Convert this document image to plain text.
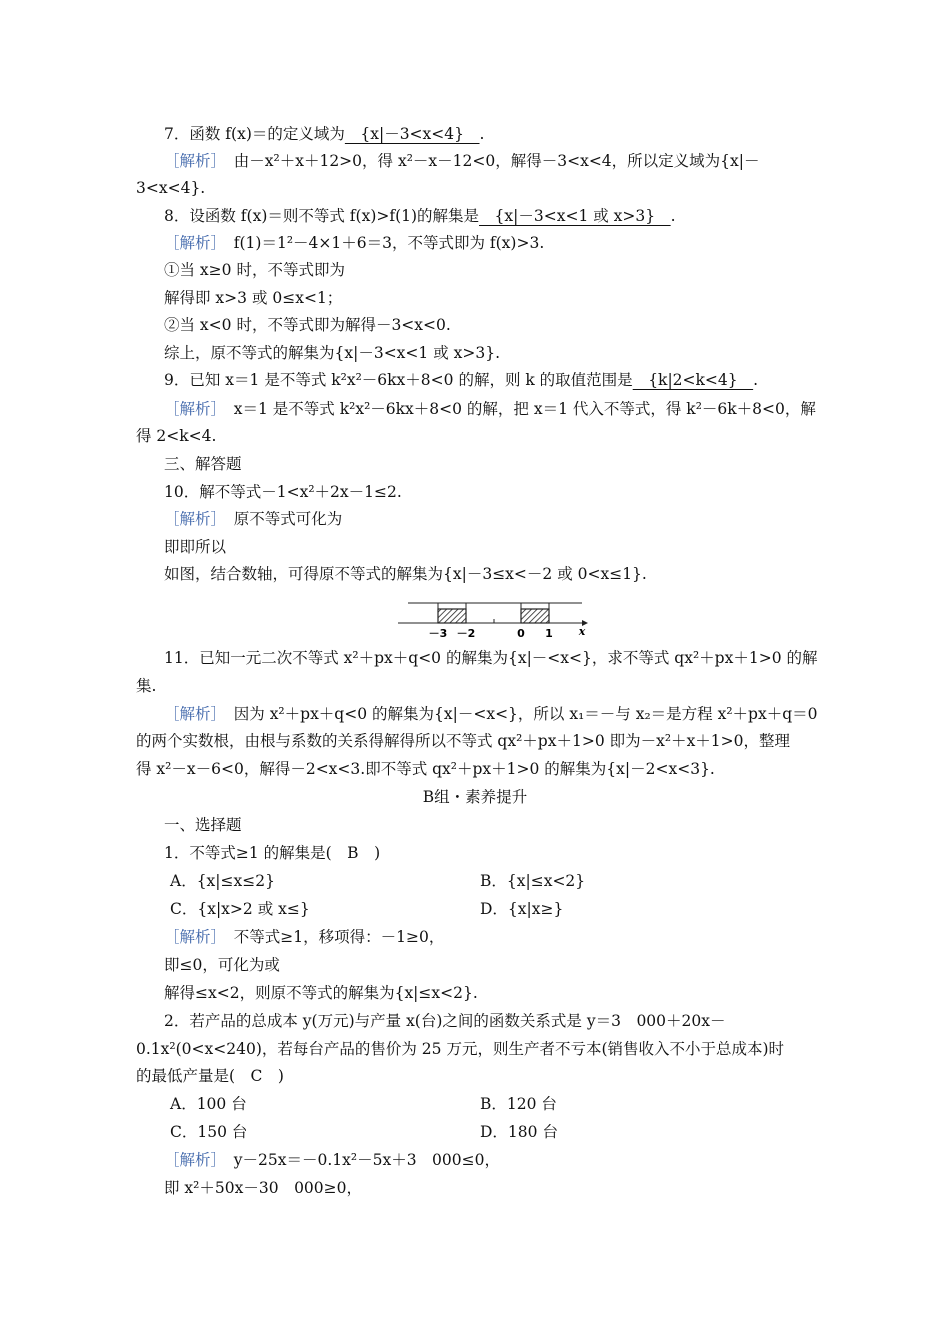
7．函数 f(x)＝的定义域为　{x|－3<x<4}　.
［解析］　由－x²＋x＋12>0，得 x²－x－12<0，解得－3<x<4，所以定义域为{x|－
3<x<4}.
8．设函数 f(x)＝则不等式 f(x)>f(1)的解集是　{x|－3<x<1 或 x>3}　.
［解析］　f(1)＝1²－4×1＋6＝3，不等式即为 f(x)>3.
①当 x≥0 时，不等式即为
解得即 x>3 或 0≤x<1；
②当 x<0 时，不等式即为解得－3<x<0.
综上，原不等式的解集为{x|－3<x<1 或 x>3}.
9．已知 x＝1 是不等式 k²x²－6kx＋8<0 的解，则 k 的取值范围是　{k|2<k<4}　.
［解析］　x＝1 是不等式 k²x²－6kx＋8<0 的解，把 x＝1 代入不等式，得 k²－6k＋8<0，解
得 2<k<4.
三、解答题
10．解不等式－1<x²＋2x－1≤2.
［解析］　原不等式可化为
即即所以
如图，结合数轴，可得原不等式的解集为{x|－3≤x<－2 或 0<x≤1}.
－3 －2	0 1 x
11．已知一元二次不等式 x²＋px＋q<0 的解集为{x|－<x<}，求不等式 qx²＋px＋1>0 的解
集.
［解析］　因为 x²＋px＋q<0 的解集为{x|－<x<}，所以 x₁＝－与 x₂＝是方程 x²＋px＋q＝0
的两个实数根，由根与系数的关系得解得所以不等式 qx²＋px＋1>0 即为－x²＋x＋1>0，整理
得 x²－x－6<0，解得－2<x<3.即不等式 qx²＋px＋1>0 的解集为{x|－2<x<3}.
B组・素养提升
一、选择题
1．不等式≥1 的解集是(　B　)
A．{x|≤x≤2}	B．{x|≤x<2}
C．{x|x>2 或 x≤}	D．{x|x≥}
［解析］　不等式≥1，移项得：－1≥0，
即≤0，可化为或
解得≤x<2，则原不等式的解集为{x|≤x<2}.
2．若产品的总成本 y(万元)与产量 x(台)之间的函数关系式是 y＝3　000＋20x－
0.1x²(0<x<240)，若每台产品的售价为 25 万元，则生产者不亏本(销售收入不小于总成本)时
的最低产量是(　C　)
A．100 台	B．120 台
C．150 台	D．180 台
［解析］　y－25x＝－0.1x²－5x＋3　000≤0，
即 x²＋50x－30　000≥0，
